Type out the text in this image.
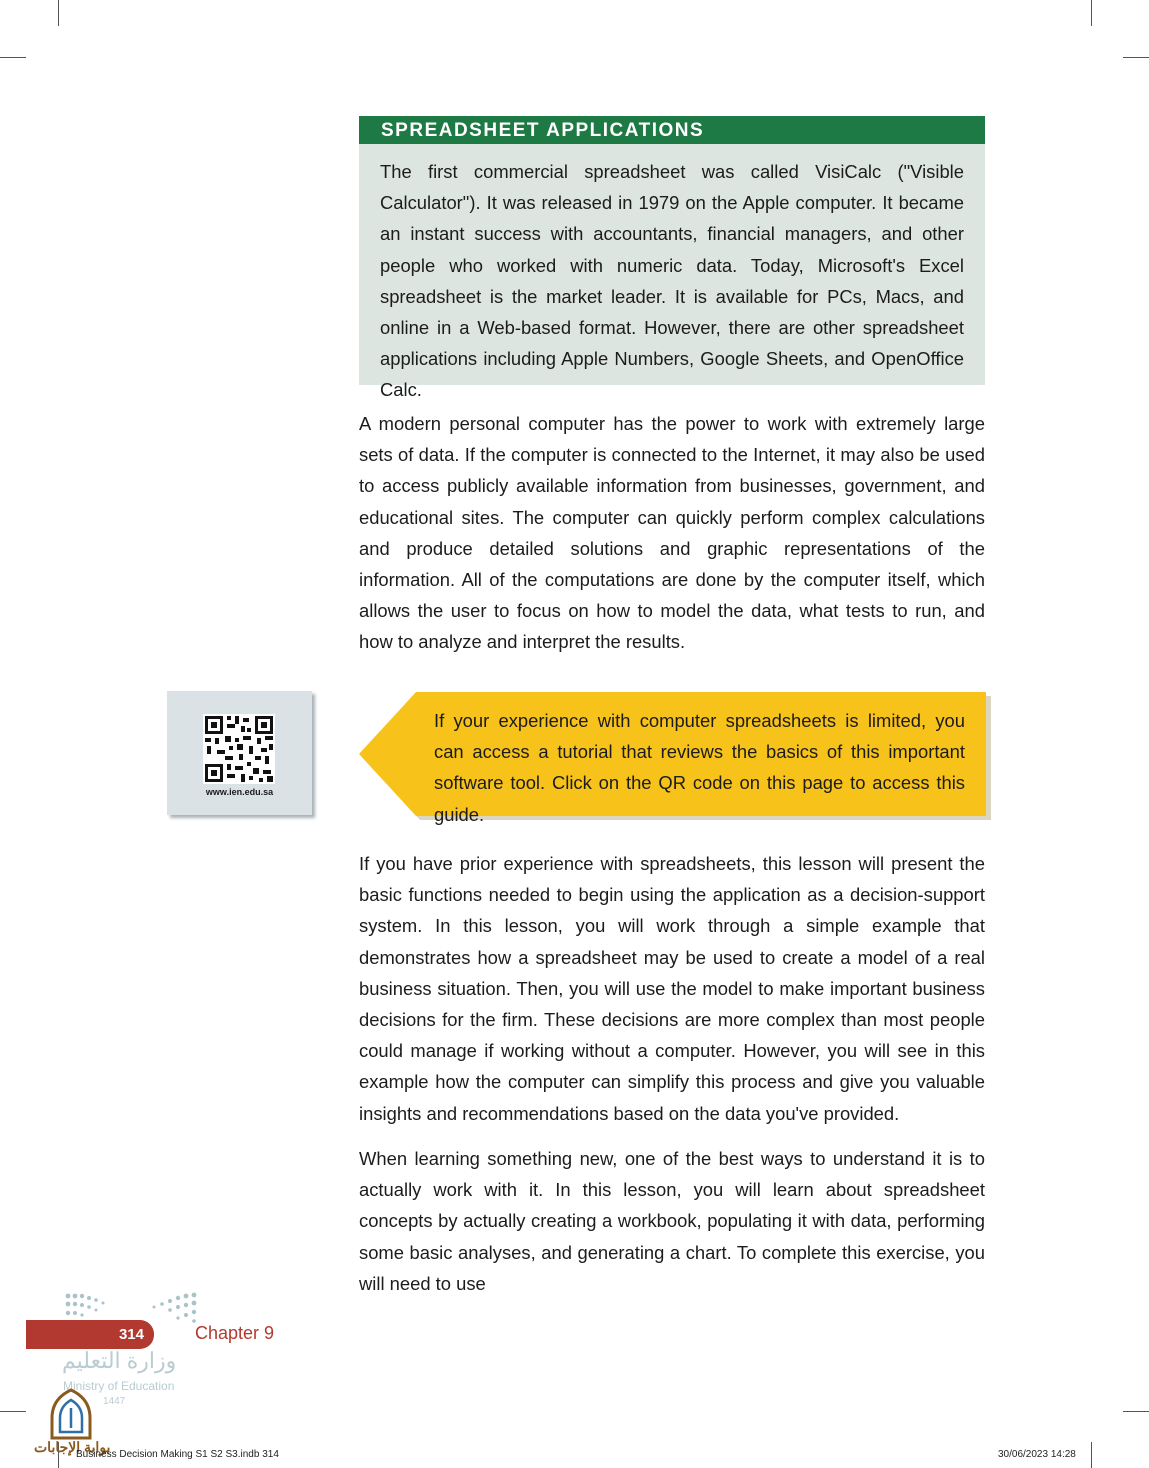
SPREADSHEET APPLICATIONS
The first commercial spreadsheet was called VisiCalc ("Visible Calculator"). It was released in 1979 on the Apple computer. It became an instant success with accountants, financial managers, and other people who worked with numeric data. Today, Microsoft's Excel spreadsheet is the market leader. It is available for PCs, Macs, and online in a Web-based format. However, there are other spreadsheet applications including Apple Numbers, Google Sheets, and OpenOffice Calc.

A modern personal computer has the power to work with extremely large sets of data. If the computer is connected to the Internet, it may also be used to access publicly available information from businesses, government, and educational sites. The computer can quickly perform complex calculations and produce detailed solutions and graphic representations of the information. All of the computations are done by the computer itself, which allows the user to focus on how to model the data, what tests to run, and how to analyze and interpret the results.

www.ien.edu.sa

If your experience with computer spreadsheets is limited, you can access a tutorial that reviews the basics of this important software tool. Click on the QR code on this page to access this guide.

If you have prior experience with spreadsheets, this lesson will present the basic functions needed to begin using the application as a decision-support system. In this lesson, you will work through a simple example that demonstrates how a spreadsheet may be used to create a model of a real business situation. Then, you will use the model to make important business decisions for the firm. These decisions are more complex than most people could manage if working without a computer. However, you will see in this example how the computer can simplify this process and give you valuable insights and recommendations based on the data you've provided.

When learning something new, one of the best ways to understand it is to actually work with it. In this lesson, you will learn about spreadsheet concepts by actually creating a workbook, populating it with data, performing some basic analyses, and generating a chart. To complete this exercise, you will need to use

314	Chapter 9
وزارة التعليم
Ministry of Education
1447
بوابة الإجابات
Business Decision Making S1 S2 S3.indb 314	30/06/2023 14:28
